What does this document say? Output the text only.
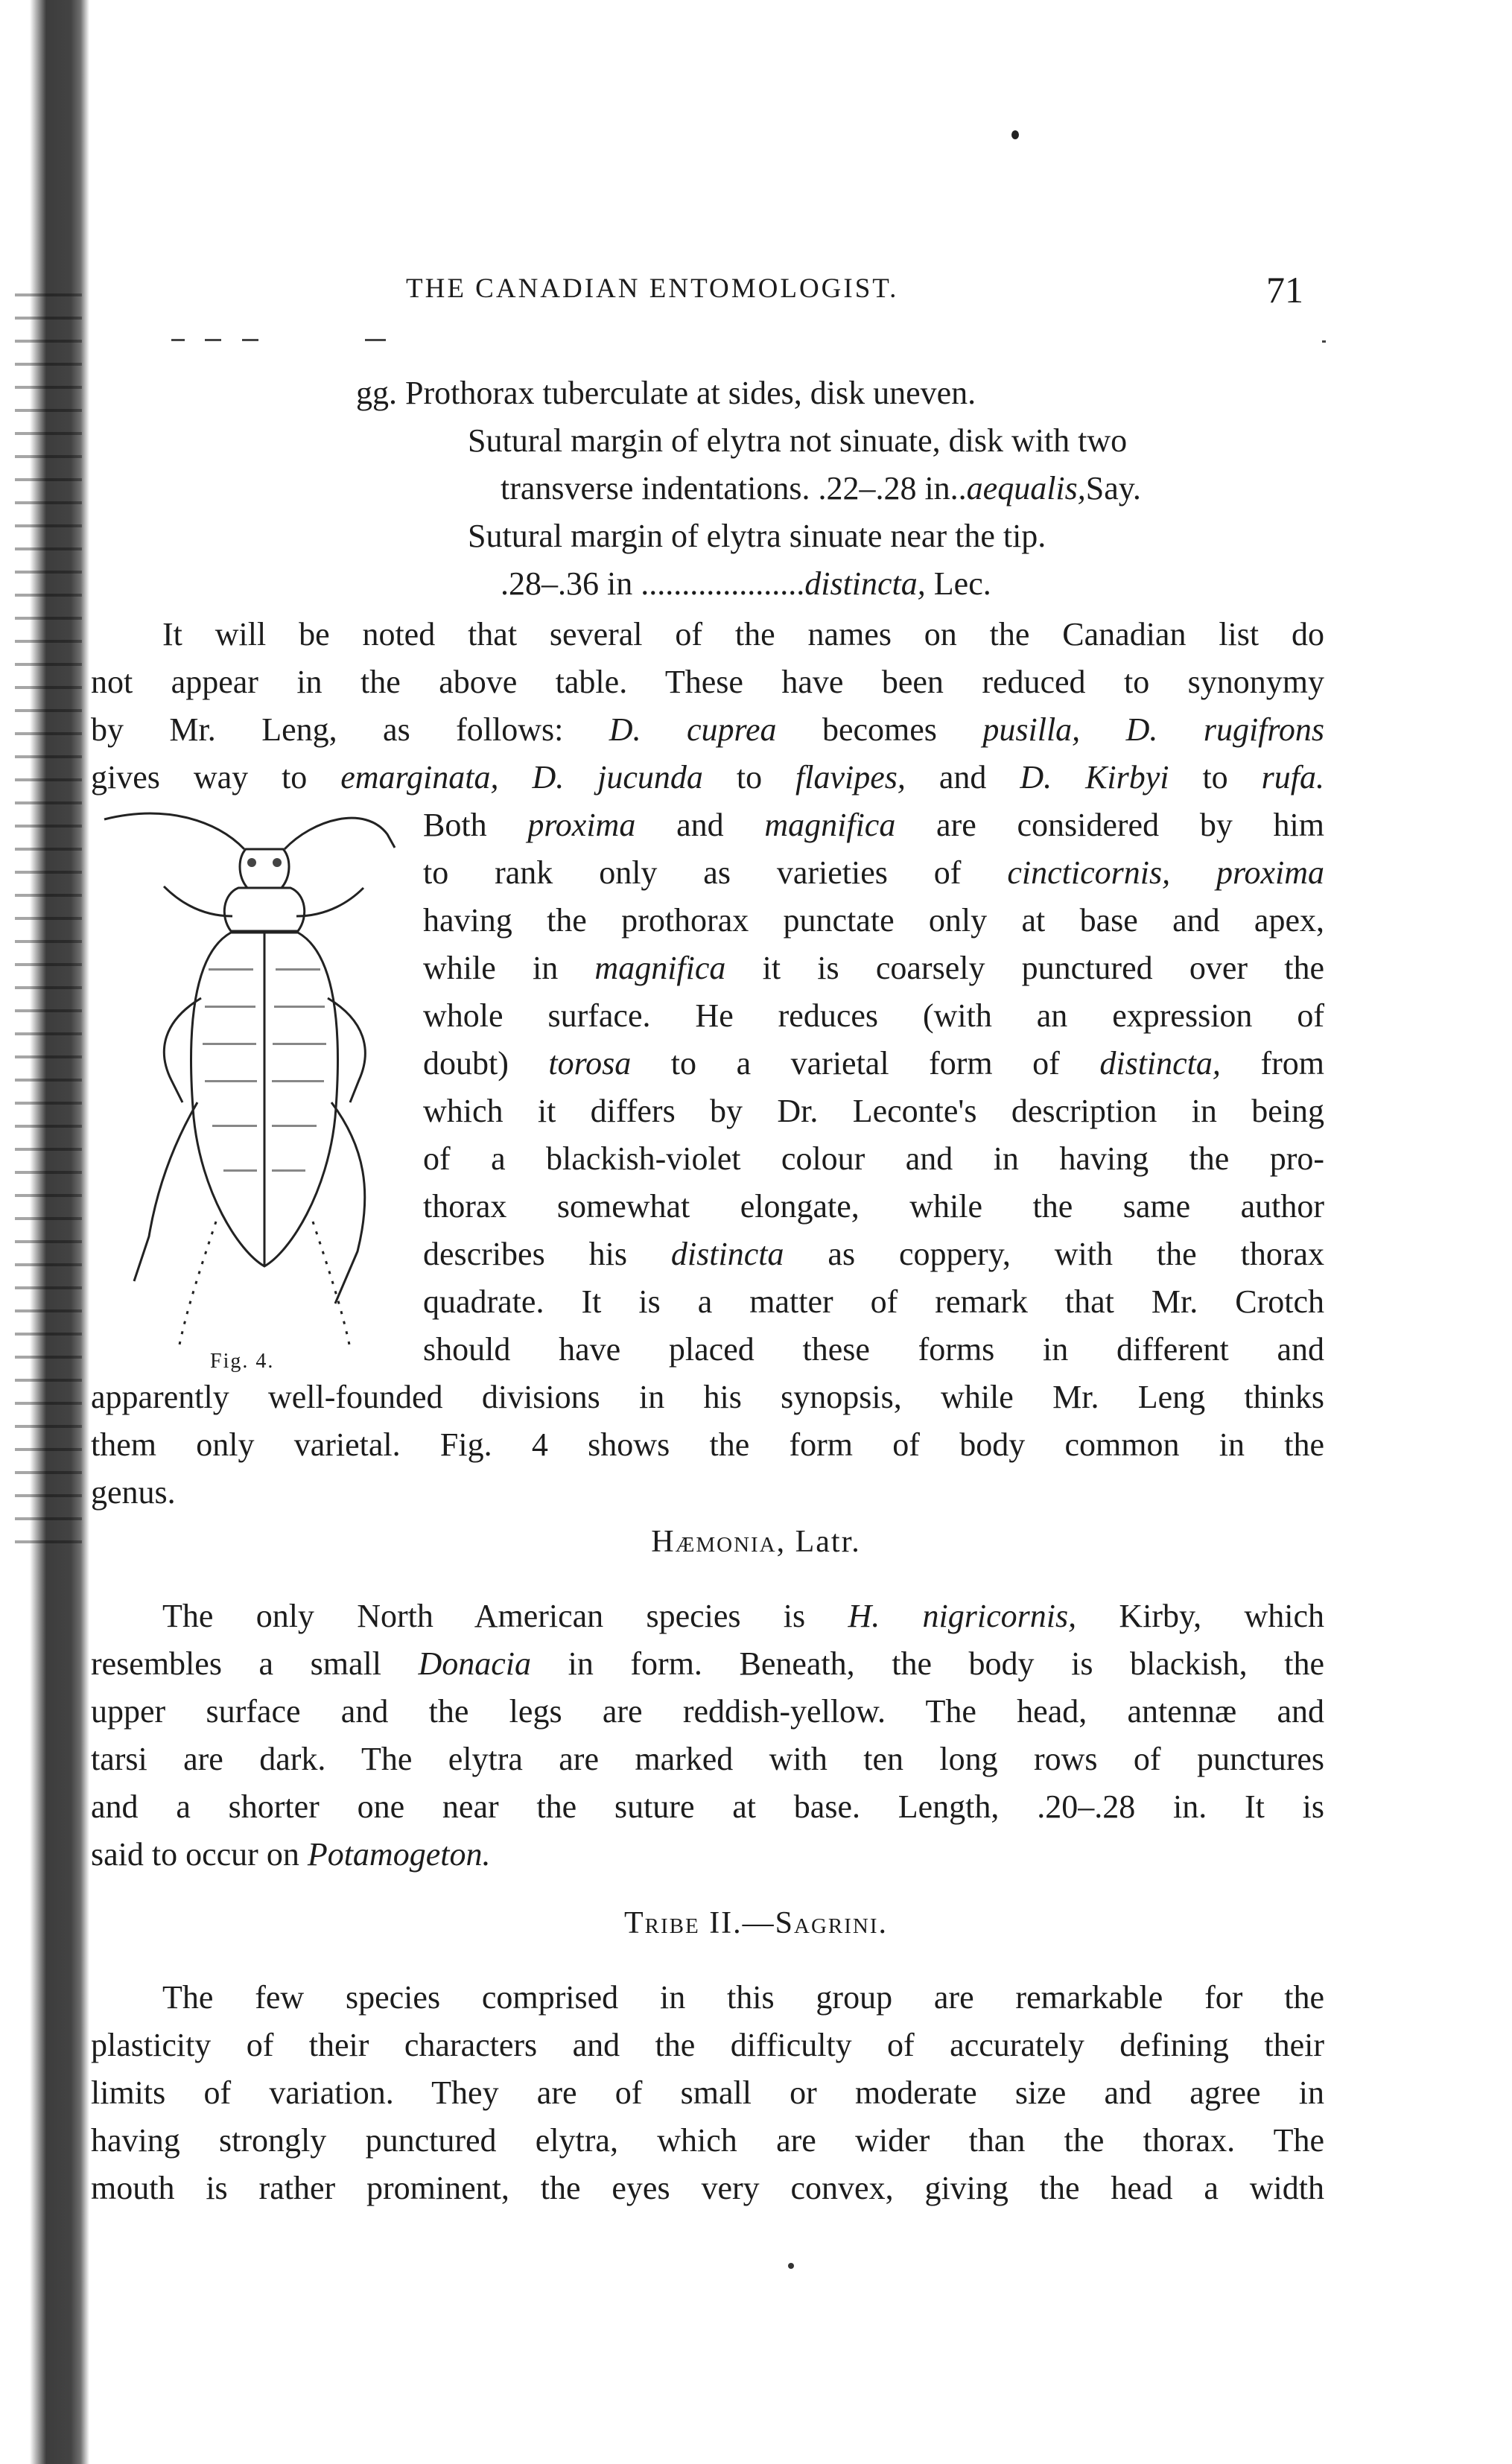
THE CANADIAN ENTOMOLOGIST.	71
gg. Prothorax tuberculate at sides, disk uneven.
Sutural margin of elytra not sinuate, disk with two
transverse indentations. .22–.28 in..aequalis,Say.
Sutural margin of elytra sinuate near the tip.
.28–.36 in ....................distincta, Lec.
It will be noted that several of the names on the Canadian list do
not appear in the above table. These have been reduced to synonymy
by Mr. Leng, as follows: D. cuprea becomes pusilla, D. rugifrons
gives way to emarginata, D. jucunda to flavipes, and D. Kirbyi to rufa.
Both proxima and magnifica are considered by him
to rank only as varieties of cincticornis, proxima
having the prothorax punctate only at base and apex,
while in magnifica it is coarsely punctured over the
whole surface. He reduces (with an expression of
doubt) torosa to a varietal form of distincta, from
which it differs by Dr. Leconte's description in being
of a blackish-violet colour and in having the pro-
thorax somewhat elongate, while the same author
describes his distincta as coppery, with the thorax
quadrate. It is a matter of remark that Mr. Crotch
should have placed these forms in different and
apparently well-founded divisions in his synopsis, while Mr. Leng thinks
them only varietal. Fig. 4 shows the form of body common in the
genus.
Fig. 4.
Hæmonia, Latr.
The only North American species is H. nigricornis, Kirby, which
resembles a small Donacia in form. Beneath, the body is blackish, the
upper surface and the legs are reddish-yellow. The head, antennæ and
tarsi are dark. The elytra are marked with ten long rows of punctures
and a shorter one near the suture at base. Length, .20–.28 in. It is
said to occur on Potamogeton.
Tribe II.—Sagrini.
The few species comprised in this group are remarkable for the
plasticity of their characters and the difficulty of accurately defining their
limits of variation. They are of small or moderate size and agree in
having strongly punctured elytra, which are wider than the thorax. The
mouth is rather prominent, the eyes very convex, giving the head a width
